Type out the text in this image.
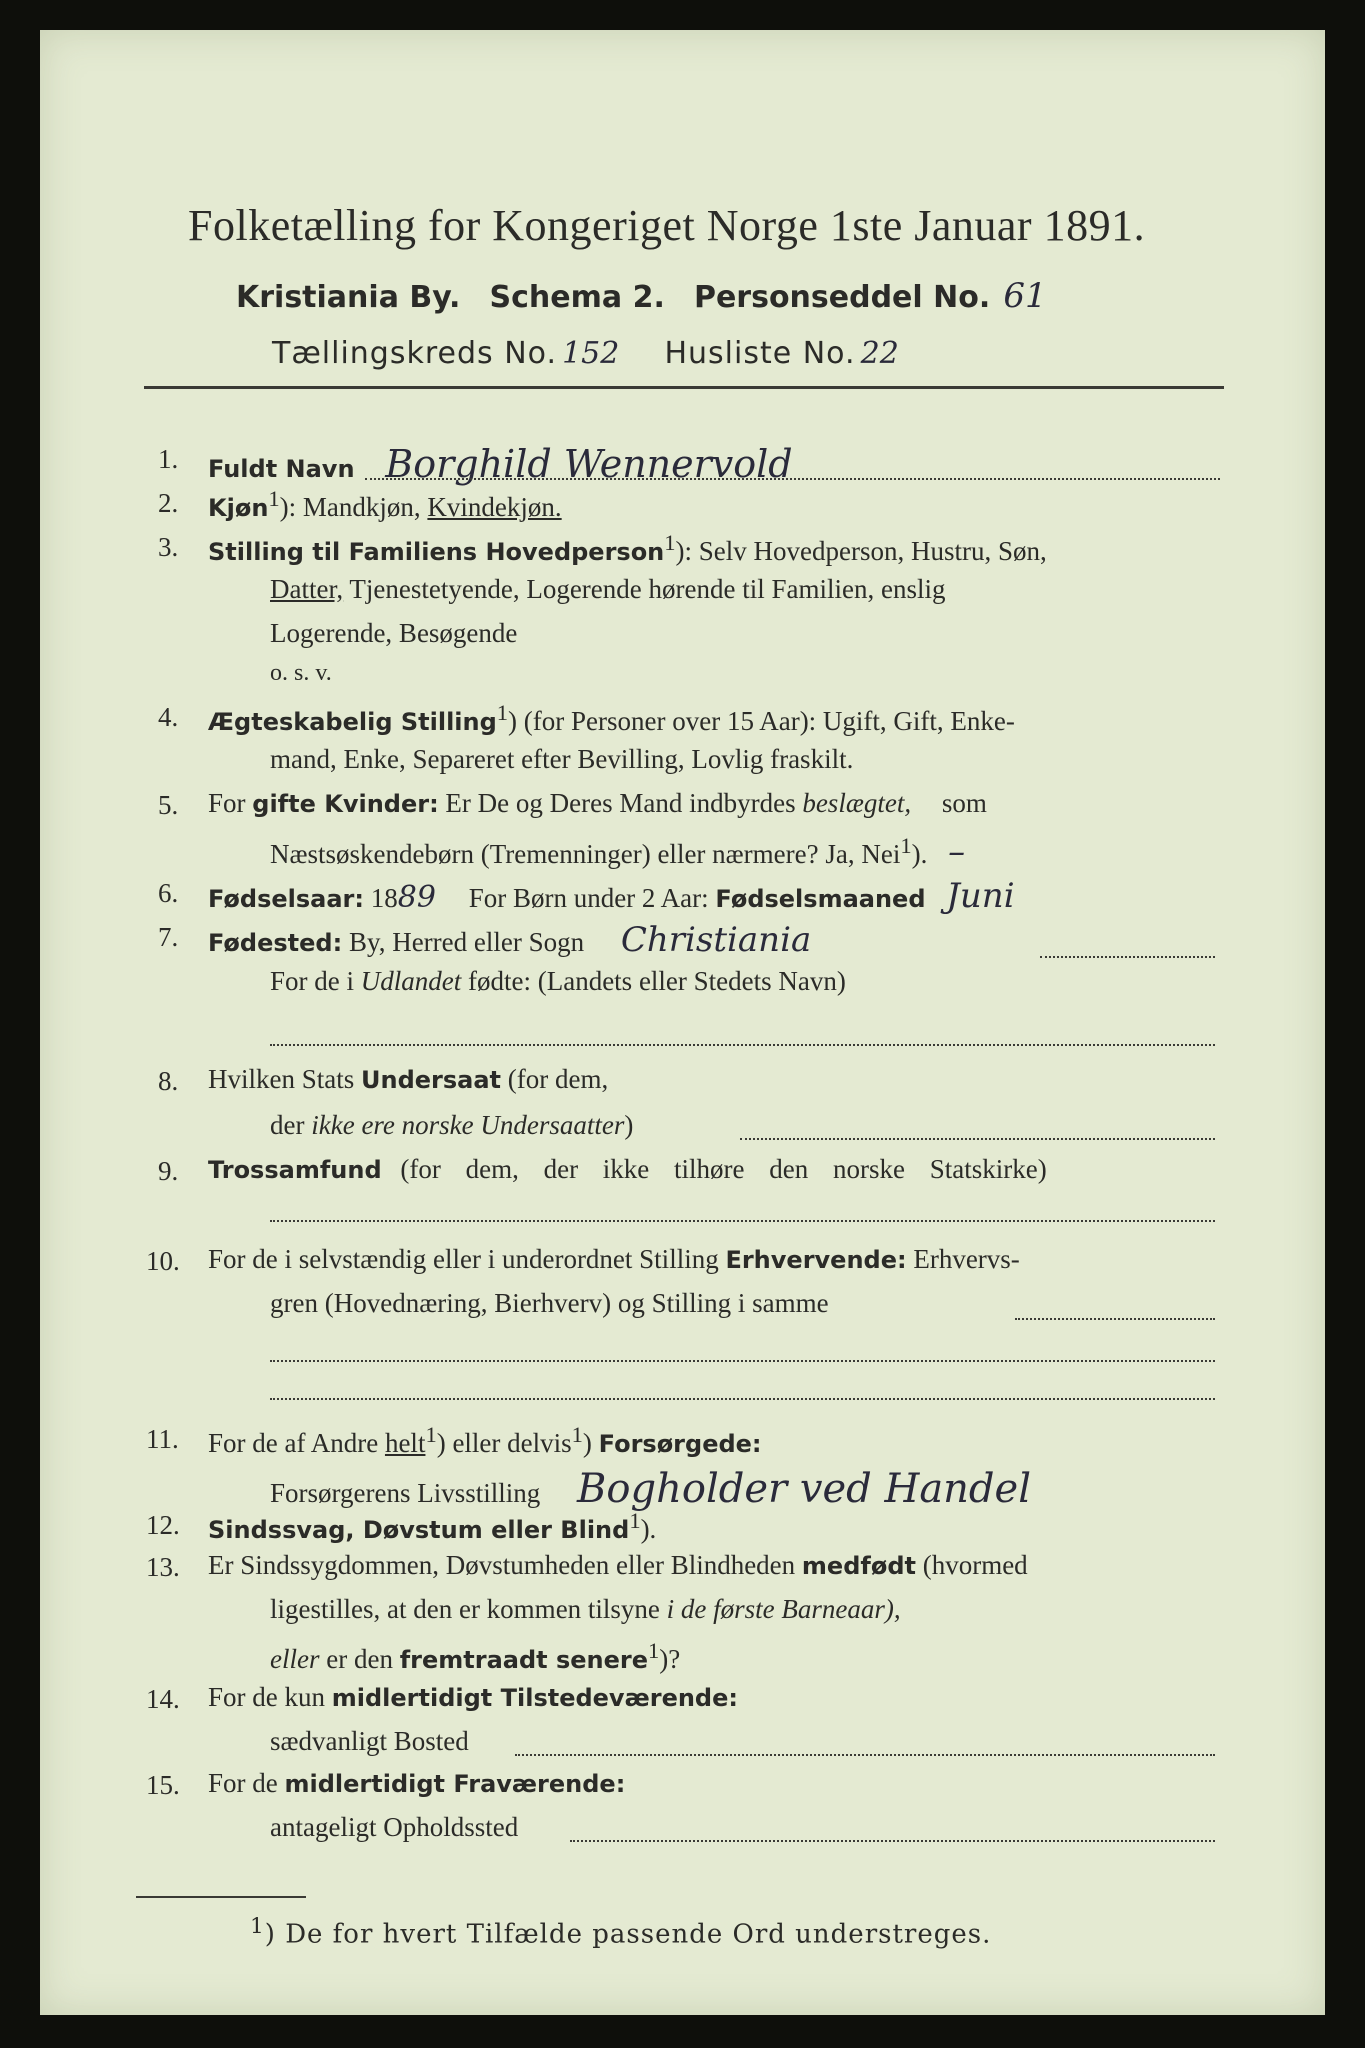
Folketælling for Kongeriget Norge 1ste Januar 1891.
Kristiania By. Schema 2. Personseddel No. 61
Tællingskreds No. 152 Husliste No. 22
1. Fuldt Navn Borghild Wennervold
2. Kjøn$^1$): Mandkjøn, Kvindekjøn.
3. Stilling til Familiens Hovedperson$^1$): Selv Hovedperson, Hustru, Søn,
Datter, Tjenestetyende, Logerende hørende til Familien, enslig
Logerende, Besøgende
o. s. v.
4. Ægteskabelig Stilling$^1$) (for Personer over 15 Aar): Ugift, Gift, Enke-
mand, Enke, Separeret efter Bevilling, Lovlig fraskilt.
5. For gifte Kvinder: Er De og Deres Mand indbyrdes beslægtet, som
Næstsøskendebørn (Tremenninger) eller nærmere? Ja, Nei$^1$). –
6. Fødselsaar: 1889 For Børn under 2 Aar: Fødselsmaaned Juni
7. Fødested: By, Herred eller Sogn Christiania
For de i Udlandet fødte: (Landets eller Stedets Navn)
8. Hvilken Stats Undersaat (for dem,
der ikke ere norske Undersaatter)
9. Trossamfund (for dem, der ikke tilhøre den norske Statskirke)
10. For de i selvstændig eller i underordnet Stilling Erhvervende: Erhvervs-
gren (Hovednæring, Bierhverv) og Stilling i samme
11. For de af Andre helt$^1$) eller delvis$^1$) Forsørgede:
Forsørgerens Livsstilling Bogholder ved Handel
12. Sindssvag, Døvstum eller Blind$^1$).
13. Er Sindssygdommen, Døvstumheden eller Blindheden medfødt (hvormed
ligestilles, at den er kommen tilsyne i de første Barneaar),
eller er den fremtraadt senere$^1$)?
14. For de kun midlertidigt Tilstedeværende:
sædvanligt Bosted
15. For de midlertidigt Fraværende:
antageligt Opholdssted
$^1$) De for hvert Tilfælde passende Ord understreges.
